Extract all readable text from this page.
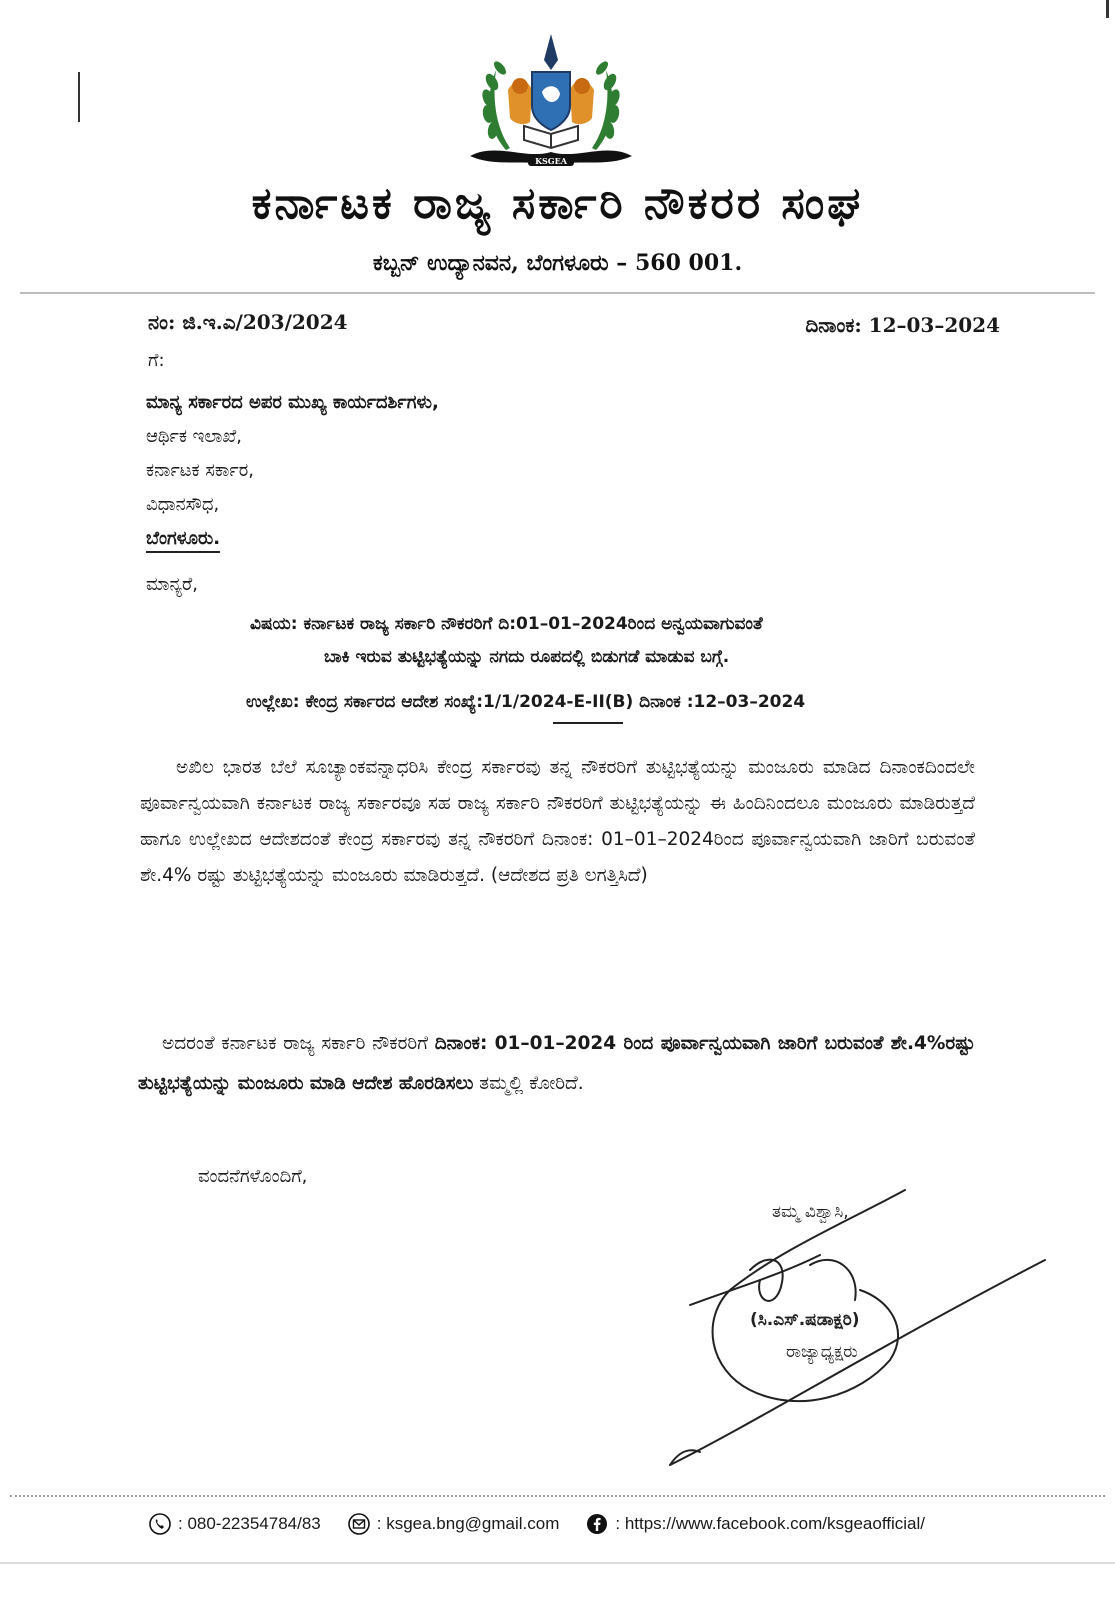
KSGEA
ಕರ್ನಾಟಕ ರಾಜ್ಯ ಸರ್ಕಾರಿ ನೌಕರರ ಸಂಘ
ಕಬ್ಬನ್ ಉದ್ಯಾನವನ, ಬೆಂಗಳೂರು – 560 001.
ನಂ: ಜಿ.ಇ.ಎ/203/2024	ದಿನಾಂಕ: 12–03–2024
ಗೆ:
ಮಾನ್ಯ ಸರ್ಕಾರದ ಅಪರ ಮುಖ್ಯ ಕಾರ್ಯದರ್ಶಿಗಳು,
ಆರ್ಥಿಕ ಇಲಾಖೆ,
ಕರ್ನಾಟಕ ಸರ್ಕಾರ,
ವಿಧಾನಸೌಧ,
ಬೆಂಗಳೂರು.
ಮಾನ್ಯರೆ,
ವಿಷಯ: ಕರ್ನಾಟಕ ರಾಜ್ಯ ಸರ್ಕಾರಿ ನೌಕರರಿಗೆ ದಿ:01–01–2024ರಿಂದ ಅನ್ವಯವಾಗುವಂತೆ
ಬಾಕಿ ಇರುವ ತುಟ್ಟಿಭತ್ಯೆಯನ್ನು ನಗದು ರೂಪದಲ್ಲಿ ಬಿಡುಗಡೆ ಮಾಡುವ ಬಗ್ಗೆ.
ಉಲ್ಲೇಖ: ಕೇಂದ್ರ ಸರ್ಕಾರದ ಆದೇಶ ಸಂಖ್ಯೆ:1/1/2024-E-II(B) ದಿನಾಂಕ :12–03–2024
ಅಖಿಲ ಭಾರತ ಬೆಲೆ ಸೂಚ್ಯಾಂಕವನ್ನಾಧರಿಸಿ ಕೇಂದ್ರ ಸರ್ಕಾರವು ತನ್ನ ನೌಕರರಿಗೆ ತುಟ್ಟಿಭತ್ಯೆಯನ್ನು ಮಂಜೂರು ಮಾಡಿದ ದಿನಾಂಕದಿಂದಲೇ ಪೂರ್ವಾನ್ವಯವಾಗಿ ಕರ್ನಾಟಕ ರಾಜ್ಯ ಸರ್ಕಾರವೂ ಸಹ ರಾಜ್ಯ ಸರ್ಕಾರಿ ನೌಕರರಿಗೆ ತುಟ್ಟಿಭತ್ಯೆಯನ್ನು ಈ ಹಿಂದಿನಿಂದಲೂ ಮಂಜೂರು ಮಾಡಿರುತ್ತದೆ ಹಾಗೂ ಉಲ್ಲೇಖದ ಆದೇಶದಂತೆ ಕೇಂದ್ರ ಸರ್ಕಾರವು ತನ್ನ ನೌಕರರಿಗೆ ದಿನಾಂಕ: 01–01–2024ರಿಂದ ಪೂರ್ವಾನ್ವಯವಾಗಿ ಜಾರಿಗೆ ಬರುವಂತೆ ಶೇ.4% ರಷ್ಟು ತುಟ್ಟಿಭತ್ಯೆಯನ್ನು ಮಂಜೂರು ಮಾಡಿರುತ್ತದೆ. (ಆದೇಶದ ಪ್ರತಿ ಲಗತ್ತಿಸಿದೆ)
ಅದರಂತೆ ಕರ್ನಾಟಕ ರಾಜ್ಯ ಸರ್ಕಾರಿ ನೌಕರರಿಗೆ ದಿನಾಂಕ: 01–01–2024 ರಿಂದ ಪೂರ್ವಾನ್ವಯವಾಗಿ ಜಾರಿಗೆ ಬರುವಂತೆ ಶೇ.4%ರಷ್ಟು ತುಟ್ಟಿಭತ್ಯೆಯನ್ನು ಮಂಜೂರು ಮಾಡಿ ಆದೇಶ ಹೊರಡಿಸಲು ತಮ್ಮಲ್ಲಿ ಕೋರಿದೆ.
ವಂದನೆಗಳೊಂದಿಗೆ,
ತಮ್ಮ ವಿಶ್ವಾಸಿ,
(ಸಿ.ಎಸ್.ಷಡಾಕ್ಷರಿ)
ರಾಜ್ಯಾಧ್ಯಕ್ಷರು
: 080-22354784/83	: ksgea.bng@gmail.com	: https://www.facebook.com/ksgeaofficial/
